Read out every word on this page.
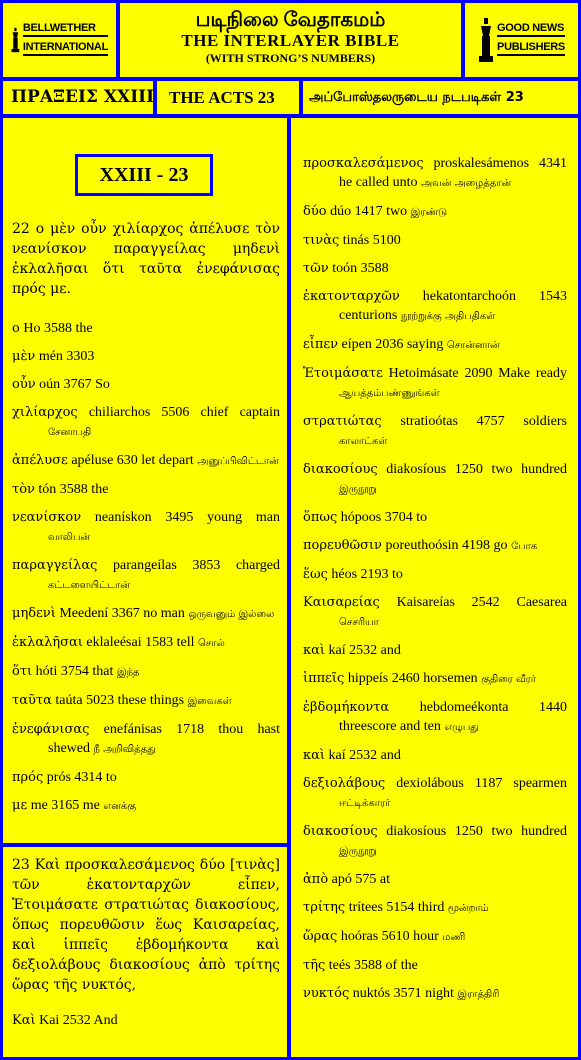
BELLWETHER
INTERNATIONAL
படிநிலை வேதாகமம்
THE INTERLAYER BIBLE
(WITH STRONG’S NUMBERS)
GOOD NEWS
PUBLISHERS
ΠΡΑΞΕΙΣ XXIII THE ACTS 23	அப்போஸ்தலருடைய நடபடிகள் 23
XXIII - 23
22 ο μὲν οὖν χιλίαρχος ἀπέλυσε τὸν νεανίσκον παραγγείλας μηδενὶ ἐκλαλῆσαι ὅτι ταῦτα ἐνεφάνισας πρός με.
ο Ho 3588 the
μὲν mén 3303
οὖν oún 3767 So
χιλίαρχος chiliarchos 5506 chief captain சேனாபதி
ἀπέλυσε apéluse 630 let depart அனுப்பிவிட்டான்
τὸν tón 3588 the
νεανίσκον neanískon 3495 young man வாலிபன்
παραγγείλας parangeílas 3853 charged கட்டளையிட்டான்
μηδενὶ Meedení 3367 no man ஒருவனும் இல்லை
ἐκλαλῆσαι eklaleésai 1583 tell சொல்
ὅτι hóti 3754 that இந்த
ταῦτα taúta 5023 these things இவைகள்
ἐνεφάνισας enefánisas 1718 thou hast shewed நீ அறிவித்தது
πρός prós 4314 to
με me 3165 me எனக்கு
23 Καὶ προσκαλεσάμενος δύο [τινὰς] τῶν ἑκατονταρχῶν εἶπεν, Ἑτοιμάσατε στρατιώτας διακοσίους, ὅπως πορευθῶσιν ἕως Καισαρείας, καὶ ἱππεῖς ἑβδομήκοντα καὶ δεξιολάβους διακοσίους ἀπὸ τρίτης ὥρας τῆς νυκτός,
Καὶ Kai 2532 And
προσκαλεσάμενος proskalesámenos 4341 he called unto அவன் அழைத்தான்
δύο dúo 1417 two இரண்டு
τινὰς tinás 5100
τῶν toón 3588
ἑκατονταρχῶν hekatontarchoón 1543 centurions நூற்றுக்கு அதிபதிகள்
εἶπεν eípen 2036 saying சொன்னான்
Ἑτοιμάσατε Hetoimásate 2090 Make ready ஆயத்தம்பண்ணுங்கள்
στρατιώτας stratioótas 4757 soldiers காலாட்கள்
διακοσίους diakosíous 1250 two hundred இருநூறு
ὅπως hópoos 3704 to
πορευθῶσιν poreuthoósin 4198 go போக
ἕως héos 2193 to
Καισαρείας Kaisareías 2542 Caesarea செசரியா
καὶ kaí 2532 and
ἱππεῖς hippeís 2460 horsemen குதிரை வீரர்
ἑβδομήκοντα hebdomeékonta 1440 threescore and ten எழுபது
καὶ kaí 2532 and
δεξιολάβους dexiolábous 1187 spearmen ஈட்டிக்காரர்
διακοσίους diakosíous 1250 two hundred இருநூறு
ἀπὸ apó 575 at
τρίτης trítees 5154 third மூன்றாம்
ὥρας hoóras 5610 hour மணி
τῆς teés 3588 of the
νυκτός nuktós 3571 night இராத்திரி
